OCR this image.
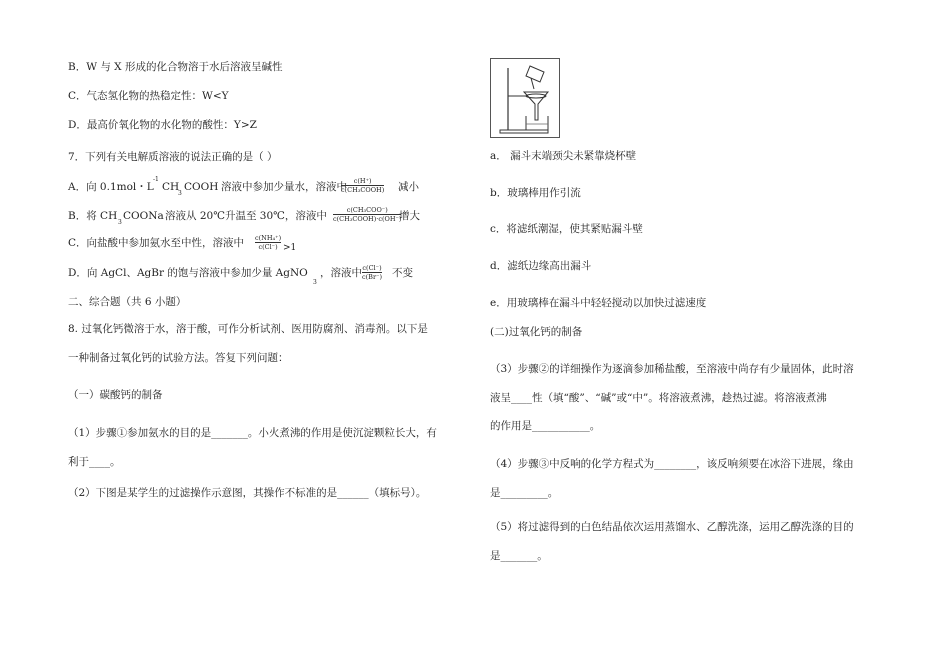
B．W 与 X 形成的化合物溶于水后溶液呈碱性
C．气态氢化物的热稳定性：W<Y
D．最高价氧化物的水化物的酸性：Y>Z
7．下列有关电解质溶液的说法正确的是（ ）
A．向 0.1mol・L
-1
CH
3
COOH 溶液中参加少量水，溶液中 c(H⁺)
c(CH₃COOH) 减小
B．将 CH
3
COONa 溶液从 20℃升温至 30℃，溶液中	c(CH₃COO⁻)
c(CH₃COOH)·c(OH⁻)
增大
C．向盐酸中参加氨水至中性，溶液中 c(NH₄⁺)
c(Cl⁻) >1
D．向 AgCl、AgBr 的饱与溶液中参加少量 AgNO
3
，溶液中 c(Cl⁻)
c(Br⁻) 不变
二、综合题（共 6 小题）
8. 过氧化钙微溶于水，溶于酸，可作分析试剂、医用防腐剂、消毒剂。以下是
一种制备过氧化钙的试验方法。答复下列问题：
（一）碳酸钙的制备
（1）步骤①参加氨水的目的是_______。小火煮沸的作用是使沉淀颗粒长大，有
利于____。
（2）下图是某学生的过滤操作示意图，其操作不标准的是______（填标号）。
a． 漏斗末端颈尖未紧靠烧杯壁
b．玻璃棒用作引流
c．将滤纸潮湿，使其紧贴漏斗壁
d．滤纸边缘高出漏斗
e．用玻璃棒在漏斗中轻轻搅动以加快过滤速度
(二)过氧化钙的制备
（3）步骤②的详细操作为逐滴参加稀盐酸，至溶液中尚存有少量固体，此时溶
液呈____性（填“酸”、“碱”或“中”。将溶液煮沸，趁热过滤。将溶液煮沸
的作用是___________。
（4）步骤③中反响的化学方程式为________，该反响须要在冰浴下进展，缘由
是_________。
（5）将过滤得到的白色结晶依次运用蒸馏水、乙醇洗涤，运用乙醇洗涤的目的
是_______。
